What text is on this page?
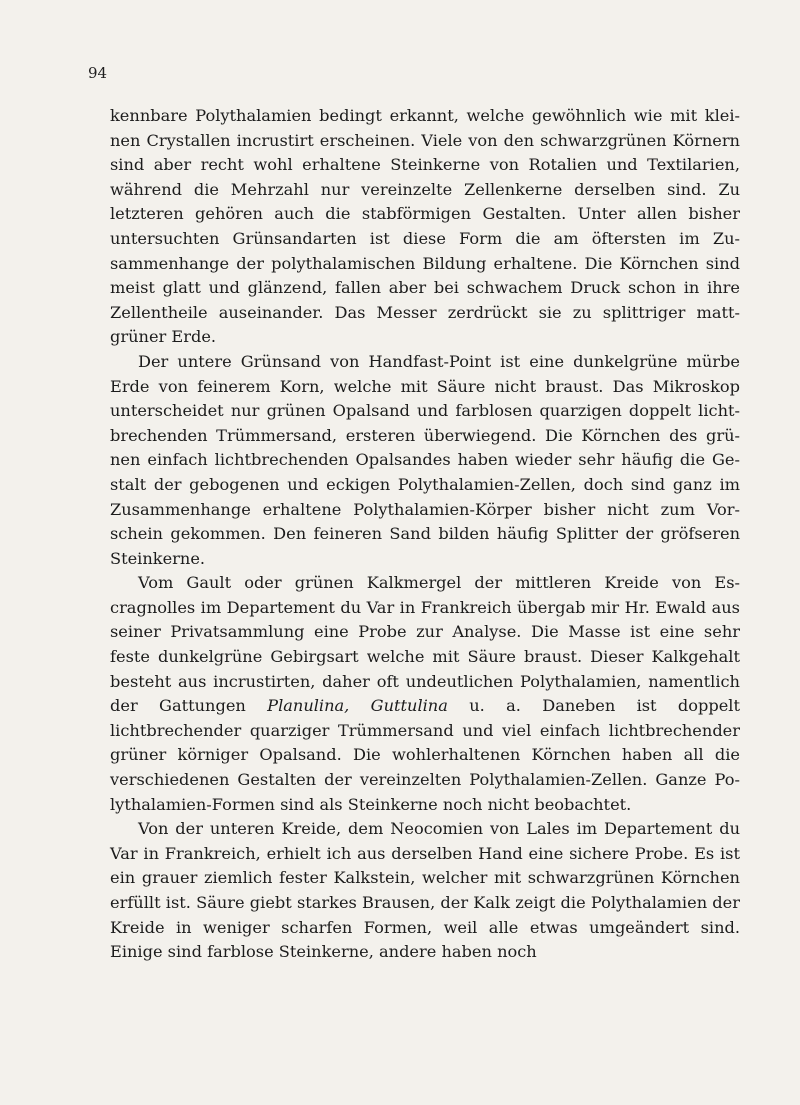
94

kennbare Polythalamien bedingt erkannt, welche gewöhnlich wie mit kleinen Crystallen incrustirt erscheinen. Viele von den schwarzgrünen Körnern sind aber recht wohl erhaltene Steinkerne von Rotalien und Textilarien, während die Mehrzahl nur vereinzelte Zellenkerne derselben sind. Zu letzteren gehören auch die stabförmigen Gestalten. Unter allen bisher untersuchten Grünsandarten ist diese Form die am öftersten im Zusammenhange der polythalamischen Bildung erhaltene. Die Körnchen sind meist glatt und glänzend, fallen aber bei schwachem Druck schon in ihre Zellentheile auseinander. Das Messer zerdrückt sie zu splittriger mattgrüner Erde.

Der untere Grünsand von Handfast-Point ist eine dunkelgrüne mürbe Erde von feinerem Korn, welche mit Säure nicht braust. Das Mikroskop unterscheidet nur grünen Opalsand und farblosen quarzigen doppelt lichtbrechenden Trümmersand, ersteren überwiegend. Die Körnchen des grünen einfach lichtbrechenden Opalsandes haben wieder sehr häufig die Gestalt der gebogenen und eckigen Polythalamien-Zellen, doch sind ganz im Zusammenhange erhaltene Polythalamien-Körper bisher nicht zum Vorschein gekommen. Den feineren Sand bilden häufig Splitter der gröfseren Steinkerne.

Vom Gault oder grünen Kalkmergel der mittleren Kreide von Escragnolles im Departement du Var in Frankreich übergab mir Hr. Ewald aus seiner Privatsammlung eine Probe zur Analyse. Die Masse ist eine sehr feste dunkelgrüne Gebirgsart welche mit Säure braust. Dieser Kalkgehalt besteht aus incrustirten, daher oft undeutlichen Polythalamien, namentlich der Gattungen Planulina, Guttulina u. a. Daneben ist doppelt lichtbrechender quarziger Trümmersand und viel einfach lichtbrechender grüner körniger Opalsand. Die wohlerhaltenen Körnchen haben all die verschiedenen Gestalten der vereinzelten Polythalamien-Zellen. Ganze Polythalamien-Formen sind als Steinkerne noch nicht beobachtet.

Von der unteren Kreide, dem Neocomien von Lales im Departement du Var in Frankreich, erhielt ich aus derselben Hand eine sichere Probe. Es ist ein grauer ziemlich fester Kalkstein, welcher mit schwarzgrünen Körnchen erfüllt ist. Säure giebt starkes Brausen, der Kalk zeigt die Polythalamien der Kreide in weniger scharfen Formen, weil alle etwas umgeändert sind. Einige sind farblose Steinkerne, andere haben noch
